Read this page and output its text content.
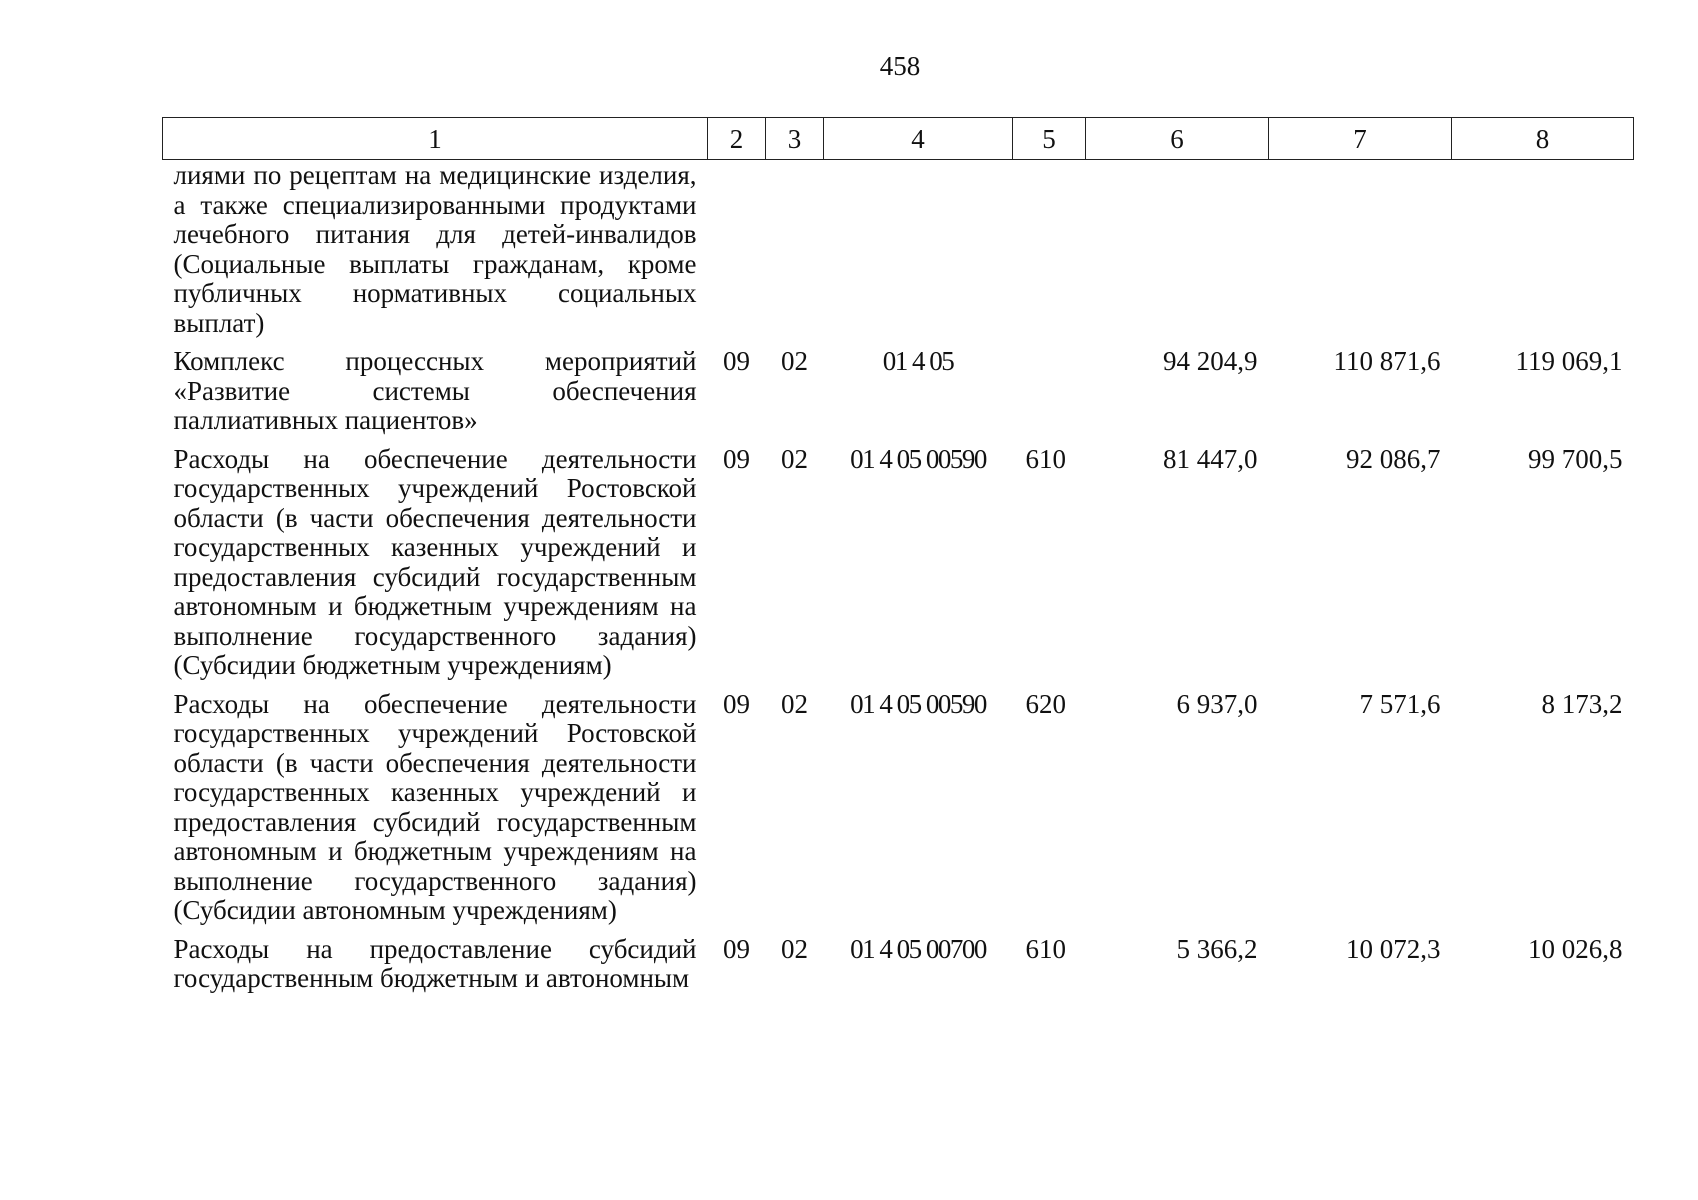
458
1	2	3	4	5	6	7	8
лиями по рецептам на медицинские изделия, а также специализированными продуктами лечебного питания для детей-инвалидов (Социальные выплаты гражданам, кроме публичных нормативных социальных выплат)							
Комплекс процессных мероприятий «Развитие системы обеспечения паллиативных пациентов»	09	02	01 4 05		94 204,9	110 871,6	119 069,1
Расходы на обеспечение деятельности государственных учреждений Ростовской области (в части обеспечения деятельности государственных казенных учреждений и предоставления субсидий государственным автономным и бюджетным учреждениям на выполнение государственного задания) (Субсидии бюджетным учреждениям)	09	02	01 4 05 00590	610	81 447,0	92 086,7	99 700,5
Расходы на обеспечение деятельности государственных учреждений Ростовской области (в части обеспечения деятельности государственных казенных учреждений и предоставления субсидий государственным автономным и бюджетным учреждениям на выполнение государственного задания) (Субсидии автономным учреждениям)	09	02	01 4 05 00590	620	6 937,0	7 571,6	8 173,2
Расходы на предоставление субсидий государственным бюджетным и автономным	09	02	01 4 05 00700	610	5 366,2	10 072,3	10 026,8
